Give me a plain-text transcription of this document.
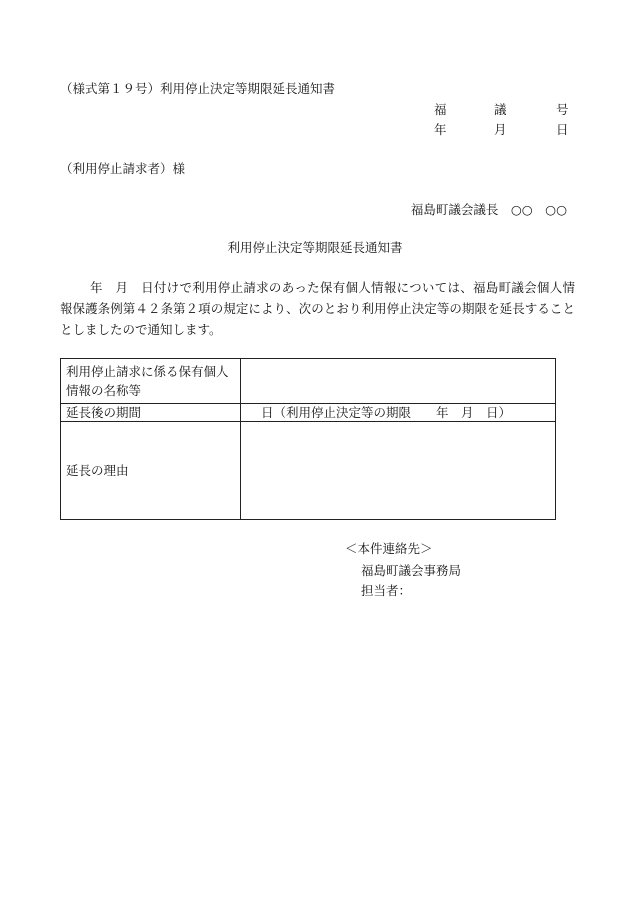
（様式第１９号）利用停止決定等期限延長通知書
福	議	号
年	月	日
（利用停止請求者）様
福島町議会議長　○○　○○
利用停止決定等期限延長通知書
年　月　日付けで利用停止請求のあった保有個人情報については、福島町議会個人情報保護条例第４２条第２項の規定により、次のとおり利用停止決定等の期限を延長することとしましたので通知します。
利用停止請求に係る保有個人情報の名称等	
延長後の期間	日（利用停止決定等の期限　　年　月　日）
延長の理由	
＜本件連絡先＞
福島町議会事務局
担当者：
